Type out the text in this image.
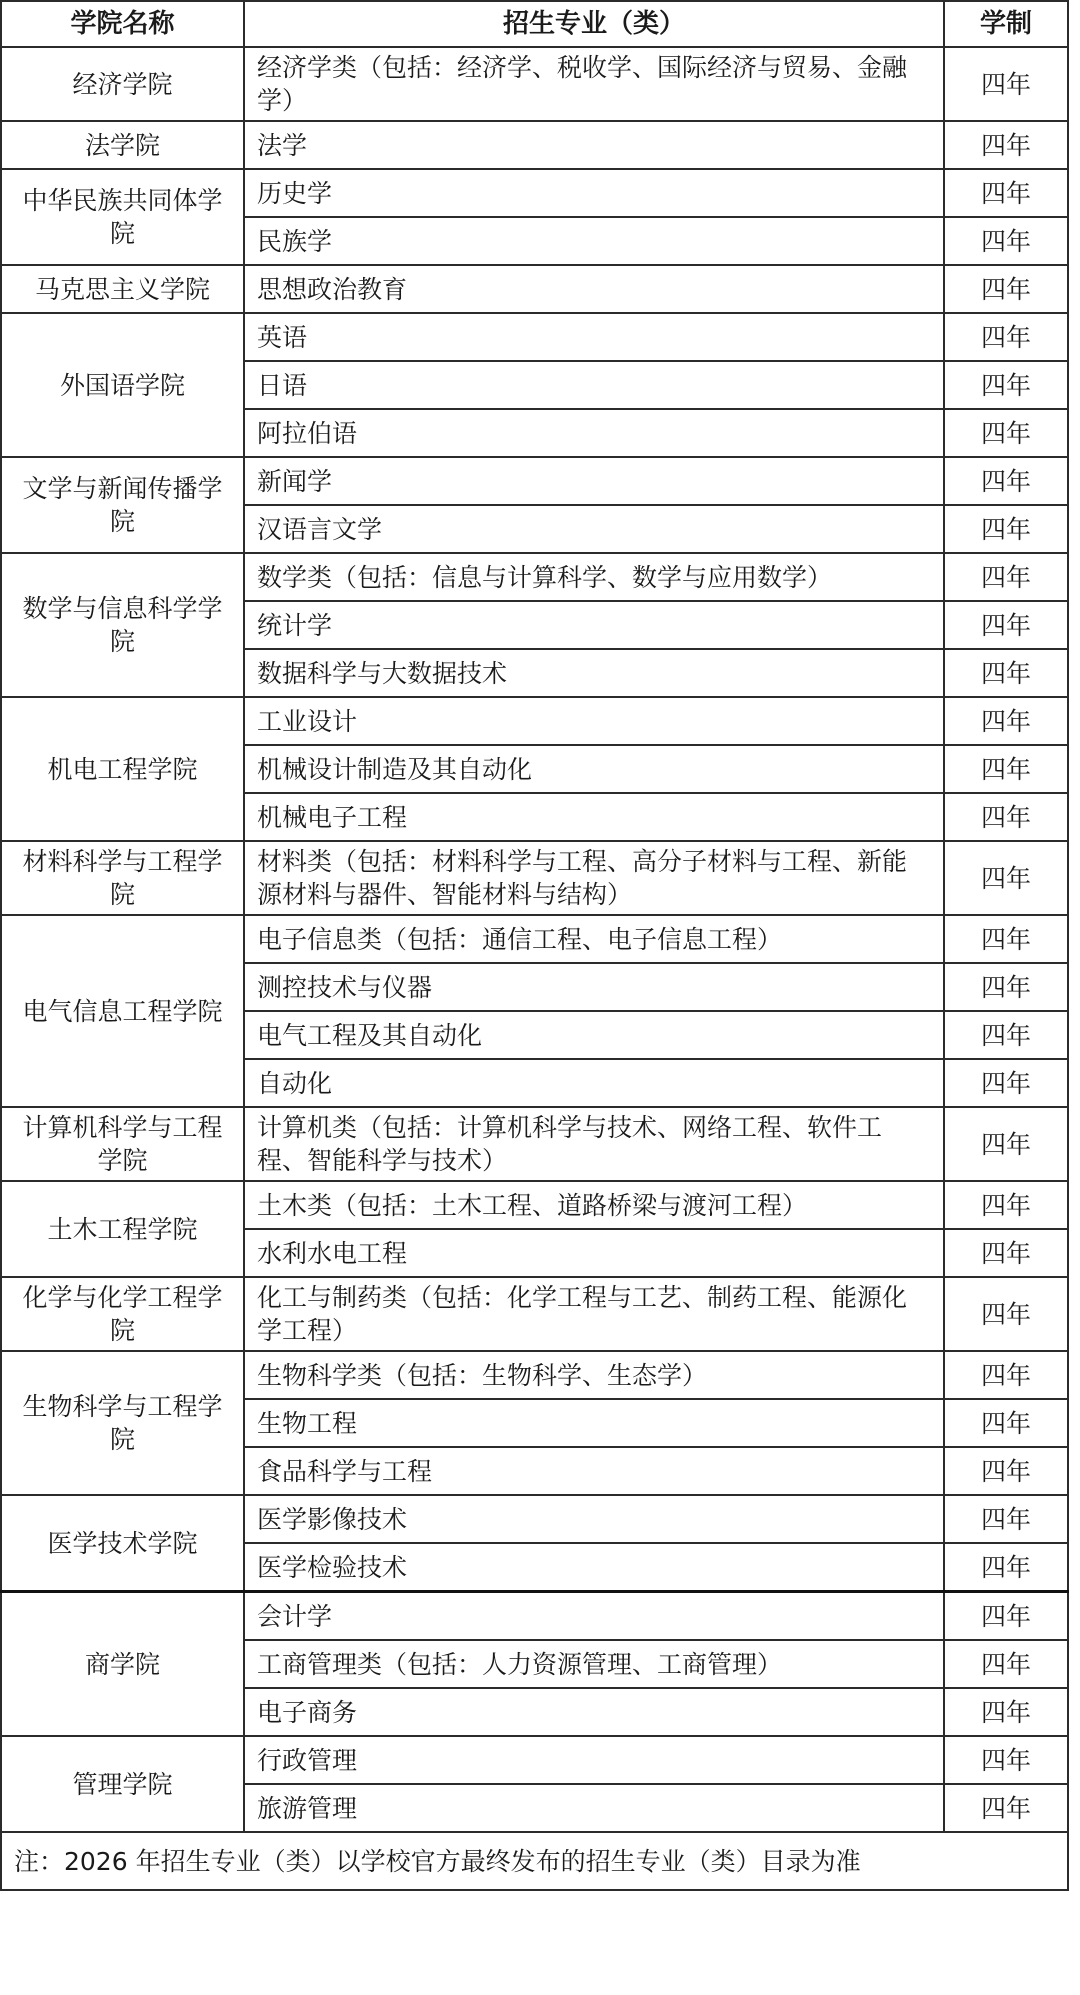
学院名称	招生专业（类）	学制
经济学院	经济学类（包括：经济学、税收学、国际经济与贸易、金融学）	四年
法学院	法学	四年
中华民族共同体学院	历史学	四年
	民族学	四年
马克思主义学院	思想政治教育	四年
外国语学院	英语	四年
	日语	四年
	阿拉伯语	四年
文学与新闻传播学院	新闻学	四年
	汉语言文学	四年
数学与信息科学学院	数学类（包括：信息与计算科学、数学与应用数学）	四年
	统计学	四年
	数据科学与大数据技术	四年
机电工程学院	工业设计	四年
	机械设计制造及其自动化	四年
	机械电子工程	四年
材料科学与工程学院	材料类（包括：材料科学与工程、高分子材料与工程、新能源材料与器件、智能材料与结构）	四年
电气信息工程学院	电子信息类（包括：通信工程、电子信息工程）	四年
	测控技术与仪器	四年
	电气工程及其自动化	四年
	自动化	四年
计算机科学与工程学院	计算机类（包括：计算机科学与技术、网络工程、软件工程、智能科学与技术）	四年
土木工程学院	土木类（包括：土木工程、道路桥梁与渡河工程）	四年
	水利水电工程	四年
化学与化学工程学院	化工与制药类（包括：化学工程与工艺、制药工程、能源化学工程）	四年
生物科学与工程学院	生物科学类（包括：生物科学、生态学）	四年
	生物工程	四年
	食品科学与工程	四年
医学技术学院	医学影像技术	四年
	医学检验技术	四年
商学院	会计学	四年
	工商管理类（包括：人力资源管理、工商管理）	四年
	电子商务	四年
管理学院	行政管理	四年
	旅游管理	四年
注：2026 年招生专业（类）以学校官方最终发布的招生专业（类）目录为准		
